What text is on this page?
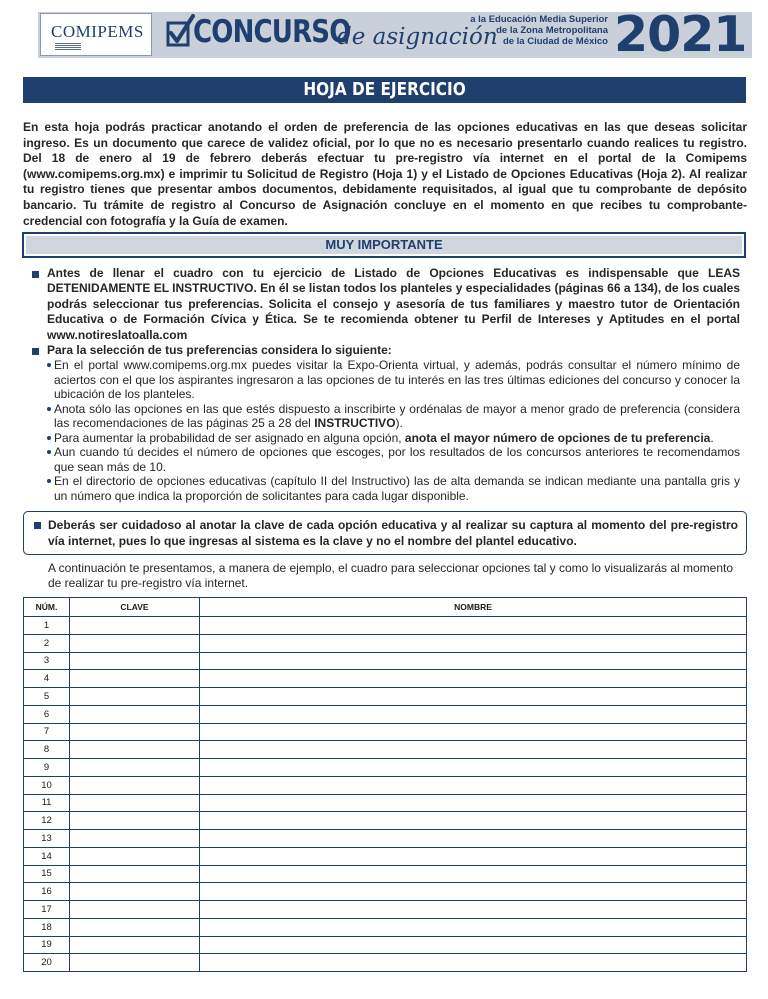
COMIPEMS CONCURSO
de asignación
a la Educación Media Superior
de la Zona Metropolitana
de la Ciudad de México 2021
HOJA DE EJERCICIO
En esta hoja podrás practicar anotando el orden de preferencia de las opciones educativas en las que deseas solicitar ingreso. Es un documento que carece de validez oficial, por lo que no es necesario presentarlo cuando realices tu registro. Del 18 de enero al 19 de febrero deberás efectuar tu pre-registro vía internet en el portal de la Comipems (www.comipems.org.mx) e imprimir tu Solicitud de Registro (Hoja 1) y el Listado de Opciones Educativas (Hoja 2). Al realizar tu registro tienes que presentar ambos documentos, debidamente requisitados, al igual que tu comprobante de depósito bancario. Tu trámite de registro al Concurso de Asignación concluye en el momento en que recibes tu comprobante-credencial con fotografía y la Guía de examen.
MUY IMPORTANTE
Antes de llenar el cuadro con tu ejercicio de Listado de Opciones Educativas es indispensable que LEAS DETENIDAMENTE EL INSTRUCTIVO. En él se listan todos los planteles y especialidades (páginas 66 a 134), de los cuales podrás seleccionar tus preferencias. Solicita el consejo y asesoría de tus familiares y maestro tutor de Orientación Educativa o de Formación Cívica y Ética. Se te recomienda obtener tu Perfil de Intereses y Aptitudes en el portal www.notireslatoalla.com
Para la selección de tus preferencias considera lo siguiente:
En el portal www.comipems.org.mx puedes visitar la Expo-Orienta virtual, y además, podrás consultar el número mínimo de aciertos con el que los aspirantes ingresaron a las opciones de tu interés en las tres últimas ediciones del concurso y conocer la ubicación de los planteles.
Anota sólo las opciones en las que estés dispuesto a inscribirte y ordénalas de mayor a menor grado de preferencia (considera las recomendaciones de las páginas 25 a 28 del INSTRUCTIVO).
Para aumentar la probabilidad de ser asignado en alguna opción, anota el mayor número de opciones de tu preferencia.
Aun cuando tú decides el número de opciones que escoges, por los resultados de los concursos anteriores te recomendamos que sean más de 10.
En el directorio de opciones educativas (capítulo II del Instructivo) las de alta demanda se indican mediante una pantalla gris y un número que indica la proporción de solicitantes para cada lugar disponible.
Deberás ser cuidadoso al anotar la clave de cada opción educativa y al realizar su captura al momento del pre-registro vía internet, pues lo que ingresas al sistema es la clave y no el nombre del plantel educativo.
A continuación te presentamos, a manera de ejemplo, el cuadro para seleccionar opciones tal y como lo visualizarás al momento de realizar tu pre-registro vía internet.
NÚM.	CLAVE	NOMBRE
1		
2		
3		
4		
5		
6		
7		
8		
9		
10		
11		
12		
13		
14		
15		
16		
17		
18		
19		
20		
